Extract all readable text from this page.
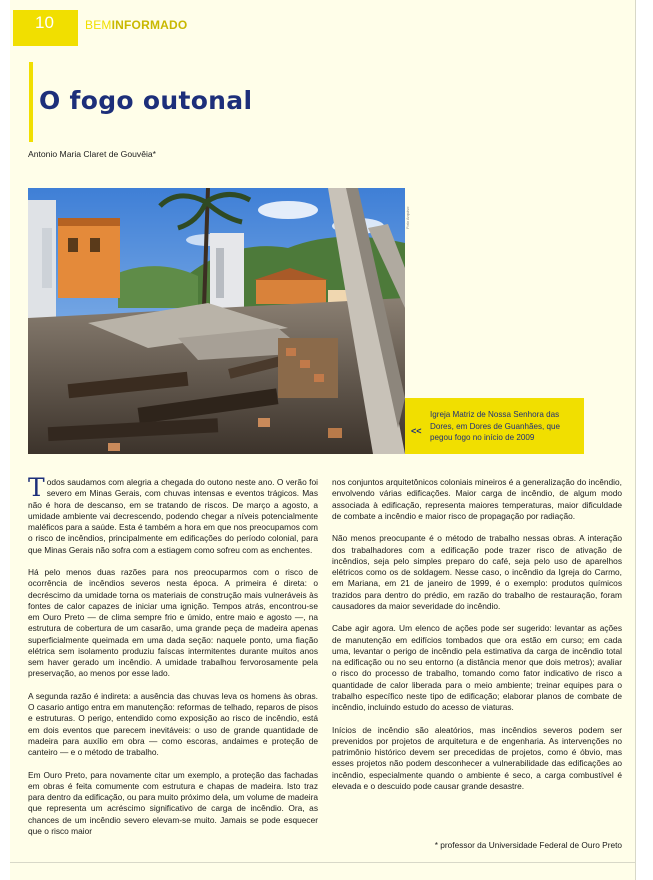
10	BEMINFORMADO
O fogo outonal
Antonio Maria Claret de Gouvêia*
Foto Arquivo
<<
Igreja Matriz de Nossa Senhora das Dores, em Dores de Guanhães, que pegou fogo no início de 2009

Todos saudamos com alegria a chegada do outono neste ano. O verão foi severo em Minas Gerais, com chuvas intensas e eventos trágicos. Mas não é hora de descanso, em se tratando de riscos. De março a agosto, a umidade ambiente vai decrescendo, podendo chegar a níveis potencialmente maléficos para a saúde. Esta é também a hora em que nos preocupamos com o risco de incêndios, principalmente em edificações do período colonial, para que Minas Gerais não sofra com a estiagem como sofreu com as enchentes.

Há pelo menos duas razões para nos preocuparmos com o risco de ocorrência de incêndios severos nesta época. A primeira é direta: o decréscimo da umidade torna os materiais de construção mais vulneráveis às fontes de calor capazes de iniciar uma ignição. Tempos atrás, encontrou-se em Ouro Preto — de clima sempre frio e úmido, entre maio e agosto —, na estrutura de cobertura de um casarão, uma grande peça de madeira apenas superficialmente queimada em uma dada seção: naquele ponto, uma fiação elétrica sem isolamento produziu faíscas intermitentes durante muitos anos sem haver gerado um incêndio. A umidade trabalhou fervorosamente pela preservação, ao menos por esse lado.

A segunda razão é indireta: a ausência das chuvas leva os homens às obras. O casario antigo entra em manutenção: reformas de telhado, reparos de pisos e estruturas. O perigo, entendido como exposição ao risco de incêndio, está em dois eventos que parecem inevitáveis: o uso de grande quantidade de madeira para auxílio em obra — como escoras, andaimes e proteção de canteiro — e o método de trabalho.

Em Ouro Preto, para novamente citar um exemplo, a proteção das fachadas em obras é feita comumente com estrutura e chapas de madeira. Isto traz para dentro da edificação, ou para muito próximo dela, um volume de madeira que representa um acréscimo significativo de carga de incêndio. Ora, as chances de um incêndio severo elevam-se muito. Jamais se pode esquecer que o risco maior

nos conjuntos arquitetônicos coloniais mineiros é a generalização do incêndio, envolvendo várias edificações. Maior carga de incêndio, de algum modo associada à edificação, representa maiores temperaturas, maior dificuldade de combate a incêndio e maior risco de propagação por radiação.

Não menos preocupante é o método de trabalho nessas obras. A interação dos trabalhadores com a edificação pode trazer risco de ativação de incêndios, seja pelo simples preparo do café, seja pelo uso de aparelhos elétricos como os de soldagem. Nesse caso, o incêndio da Igreja do Carmo, em Mariana, em 21 de janeiro de 1999, é o exemplo: produtos químicos trazidos para dentro do prédio, em razão do trabalho de restauração, foram causadores da maior severidade do incêndio.

Cabe agir agora. Um elenco de ações pode ser sugerido: levantar as ações de manutenção em edifícios tombados que ora estão em curso; em cada uma, levantar o perigo de incêndio pela estimativa da carga de incêndio total na edificação ou no seu entorno (a distância menor que dois metros); avaliar o risco do processo de trabalho, tomando como fator indicativo de risco a quantidade de calor liberada para o meio ambiente; treinar equipes para o trabalho específico neste tipo de edificação; elaborar planos de combate de incêndio, incluindo estudo do acesso de viaturas.

Inícios de incêndio são aleatórios, mas incêndios severos podem ser prevenidos por projetos de arquitetura e de engenharia. As intervenções no patrimônio histórico devem ser precedidas de projetos, como é óbvio, mas esses projetos não podem desconhecer a vulnerabilidade das edificações ao incêndio, especialmente quando o ambiente é seco, a carga combustível é elevada e o descuido pode causar grande desastre.

* professor da Universidade Federal de Ouro Preto
